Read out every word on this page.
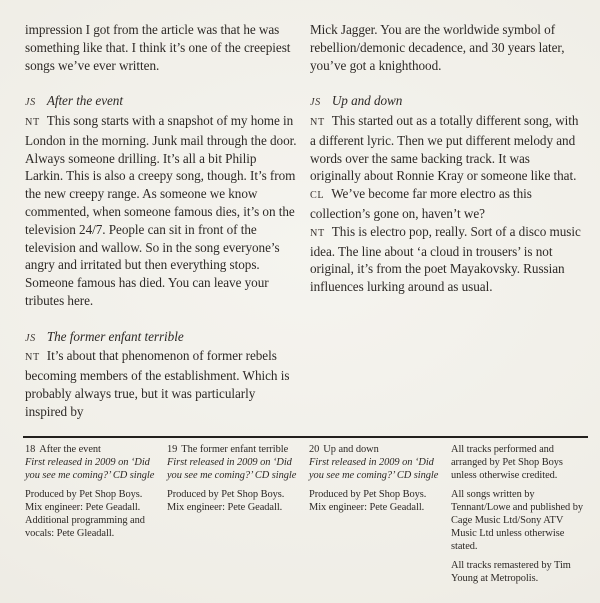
impression I got from the article was that he was something like that. I think it’s one of the creepiest songs we’ve ever written.

JS After the event

NT This song starts with a snapshot of my home in London in the morning. Junk mail through the door. Always someone drilling. It’s all a bit Philip Larkin. This is also a creepy song, though. It’s from the new creepy range. As someone we know commented, when someone famous dies, it’s on the television 24/7. People can sit in front of the television and wallow. So in the song everyone’s angry and irritated but then everything stops. Someone famous has died. You can leave your tributes here.

JS The former enfant terrible

NT It’s about that phenomenon of former rebels becoming members of the establishment. Which is probably always true, but it was particularly inspired by

Mick Jagger. You are the worldwide symbol of rebellion/demonic decadence, and 30 years later, you’ve got a knighthood.

JS Up and down

NT This started out as a totally different song, with a different lyric. Then we put different melody and words over the same backing track. It was originally about Ronnie Kray or someone like that.

CL We’ve become far more electro as this collection’s gone on, haven’t we?

NT This is electro pop, really. Sort of a disco music idea. The line about ‘a cloud in trousers’ is not original, it’s from the poet Mayakovsky. Russian influences lurking around as usual.

18 After the event

First released in 2009 on ‘Did you see me coming?’ CD single

Produced by Pet Shop Boys. Mix engineer: Pete Geadall. Additional programming and vocals: Pete Gleadall.

19 The former enfant terrible

First released in 2009 on ‘Did you see me coming?’ CD single

Produced by Pet Shop Boys. Mix engineer: Pete Geadall.

20 Up and down

First released in 2009 on ‘Did you see me coming?’ CD single

Produced by Pet Shop Boys. Mix engineer: Pete Geadall.

All tracks performed and arranged by Pet Shop Boys unless otherwise credited.

All songs written by Tennant/Lowe and published by Cage Music Ltd/Sony ATV Music Ltd unless otherwise stated.

All tracks remastered by Tim Young at Metropolis.
